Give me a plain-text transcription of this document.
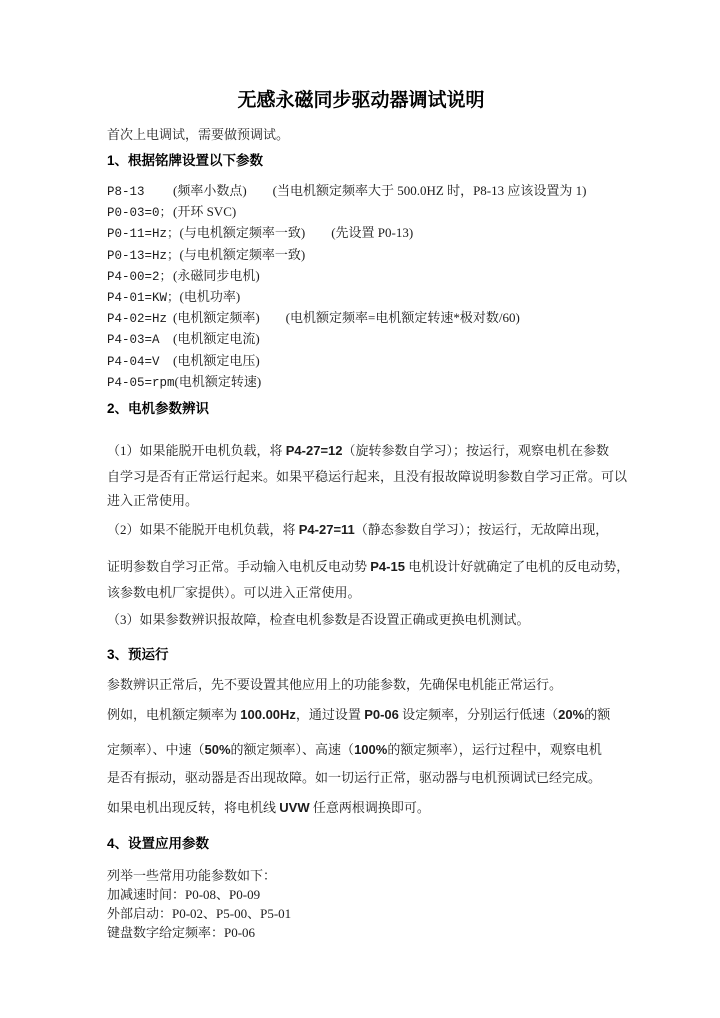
无感永磁同步驱动器调试说明
首次上电调试，需要做预调试。
1、根据铭牌设置以下参数
P8-13 (频率小数点) (当电机额定频率大于 500.0HZ 时，P8-13 应该设置为 1)
P0-03=0；(开环 SVC)
P0-11=Hz；(与电机额定频率一致) (先设置 P0-13)
P0-13=Hz；(与电机额定频率一致)
P4-00=2；(永磁同步电机)
P4-01=KW；(电机功率)
P4-02=Hz (电机额定频率) (电机额定频率=电机额定转速*极对数/60)
P4-03=A (电机额定电流)
P4-04=V (电机额定电压)
P4-05=rpm(电机额定转速)
2、电机参数辨识
（1）如果能脱开电机负载，将 P4-27=12（旋转参数自学习）；按运行，观察电机在参数
自学习是否有正常运行起来。如果平稳运行起来，且没有报故障说明参数自学习正常。可以
进入正常使用。
（2）如果不能脱开电机负载，将 P4-27=11（静态参数自学习）；按运行，无故障出现，
证明参数自学习正常。手动输入电机反电动势 P4-15 电机设计好就确定了电机的反电动势，
该参数电机厂家提供）。可以进入正常使用。
（3）如果参数辨识报故障，检查电机参数是否设置正确或更换电机测试。
3、预运行
参数辨识正常后，先不要设置其他应用上的功能参数，先确保电机能正常运行。
例如，电机额定频率为 100.00Hz，通过设置 P0-06 设定频率，分别运行低速（20%的额
定频率）、中速（50%的额定频率）、高速（100%的额定频率），运行过程中，观察电机
是否有振动，驱动器是否出现故障。如一切运行正常，驱动器与电机预调试已经完成。
如果电机出现反转，将电机线 UVW 任意两根调换即可。
4、设置应用参数
列举一些常用功能参数如下：
加减速时间：P0-08、P0-09
外部启动：P0-02、P5-00、P5-01
键盘数字给定频率：P0-06
